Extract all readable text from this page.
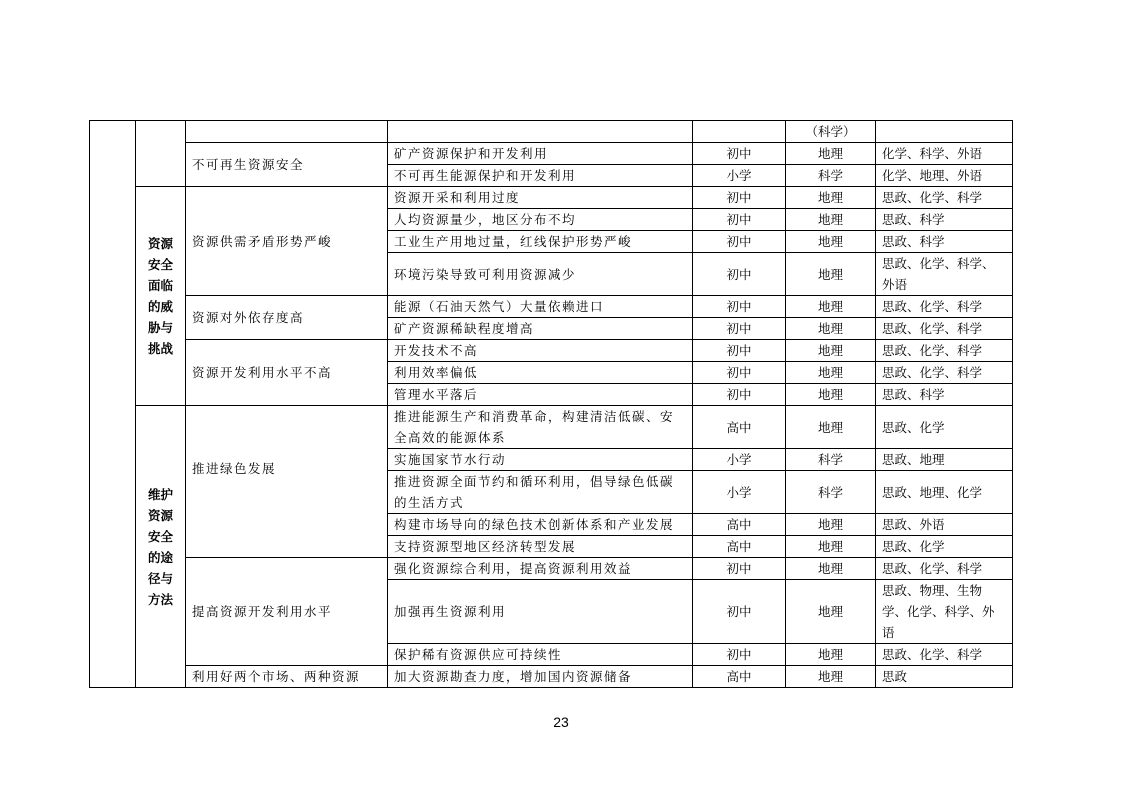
					（科学）	
		不可再生资源安全	矿产资源保护和开发利用	初中	地理	化学、科学、外语
			不可再生能源保护和开发利用	小学	科学	化学、地理、外语
	资源安全面临的威胁与挑战	资源供需矛盾形势严峻	资源开采和利用过度	初中	地理	思政、化学、科学
			人均资源量少，地区分布不均	初中	地理	思政、科学
			工业生产用地过量，红线保护形势严峻	初中	地理	思政、科学
			环境污染导致可利用资源减少	初中	地理	思政、化学、科学、外语
		资源对外依存度高	能源（石油天然气）大量依赖进口	初中	地理	思政、化学、科学
			矿产资源稀缺程度增高	初中	地理	思政、化学、科学
		资源开发利用水平不高	开发技术不高	初中	地理	思政、化学、科学
			利用效率偏低	初中	地理	思政、化学、科学
			管理水平落后	初中	地理	思政、科学
	维护资源安全的途径与方法	推进绿色发展	推进能源生产和消费革命，构建清洁低碳、安全高效的能源体系	高中	地理	思政、化学
			实施国家节水行动	小学	科学	思政、地理
			推进资源全面节约和循环利用，倡导绿色低碳的生活方式	小学	科学	思政、地理、化学
			构建市场导向的绿色技术创新体系和产业发展	高中	地理	思政、外语
			支持资源型地区经济转型发展	高中	地理	思政、化学
		提高资源开发利用水平	强化资源综合利用，提高资源利用效益	初中	地理	思政、化学、科学
			加强再生资源利用	初中	地理	思政、物理、生物学、化学、科学、外语
			保护稀有资源供应可持续性	初中	地理	思政、化学、科学
		利用好两个市场、两种资源	加大资源勘查力度，增加国内资源储备	高中	地理	思政
23
